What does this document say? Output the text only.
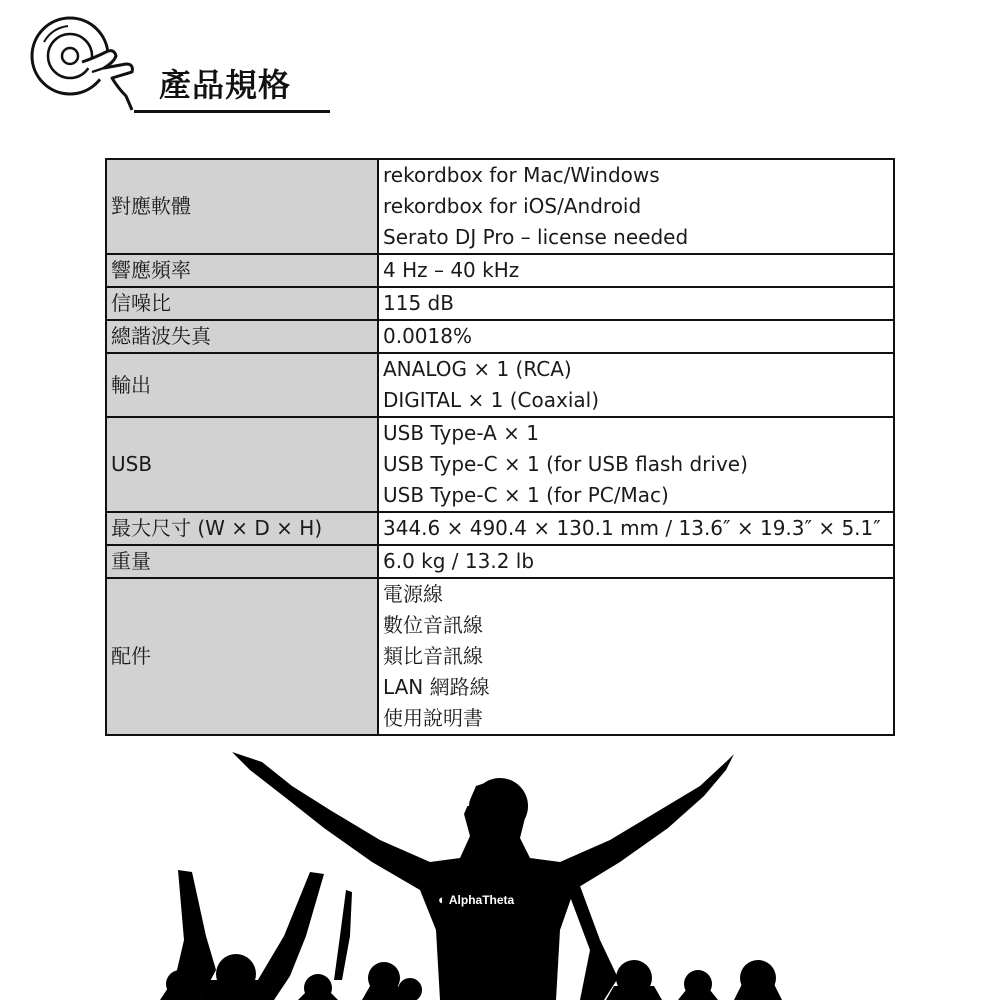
產品規格
對應軟體	rekordbox for Mac/Windows
rekordbox for iOS/Android
Serato DJ Pro – license needed

響應頻率	4 Hz – 40 kHz

信噪比	115 dB

總諧波失真	0.0018%

輸出	ANALOG × 1 (RCA)
DIGITAL × 1 (Coaxial)

USB	USB Type-A × 1
USB Type-C × 1 (for USB flash drive)
USB Type-C × 1 (for PC/Mac)

最大尺寸 (W × D × H)	344.6 × 490.4 × 130.1 mm / 13.6″ × 19.3″ × 5.1″

重量	6.0 kg / 13.2 lb

配件	電源線
數位音訊線
類比音訊線
LAN 網路線
使用說明書
◐ AlphaTheta
